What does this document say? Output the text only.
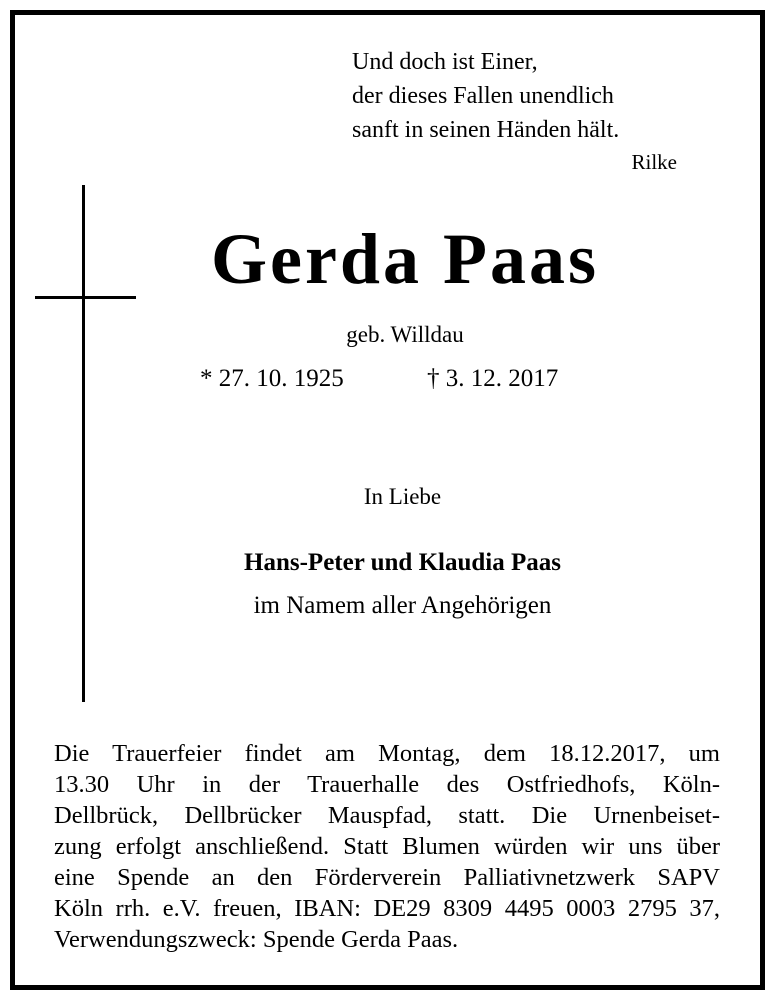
Und doch ist Einer,
der dieses Fallen unendlich
sanft in seinen Händen hält.
Rilke
Gerda Paas
geb. Willdau
* 27. 10. 1925	† 3. 12. 2017
In Liebe
Hans-Peter und Klaudia Paas
im Namem aller Angehörigen
Die Trauerfeier findet am Montag, dem 18.12.2017, um
13.30 Uhr in der Trauerhalle des Ostfriedhofs, Köln-
Dellbrück, Dellbrücker Mauspfad, statt. Die Urnenbeiset-
zung erfolgt anschließend. Statt Blumen würden wir uns über
eine Spende an den Förderverein Palliativnetzwerk SAPV
Köln rrh. e.V. freuen, IBAN: DE29 8309 4495 0003 2795 37,
Verwendungszweck: Spende Gerda Paas.
